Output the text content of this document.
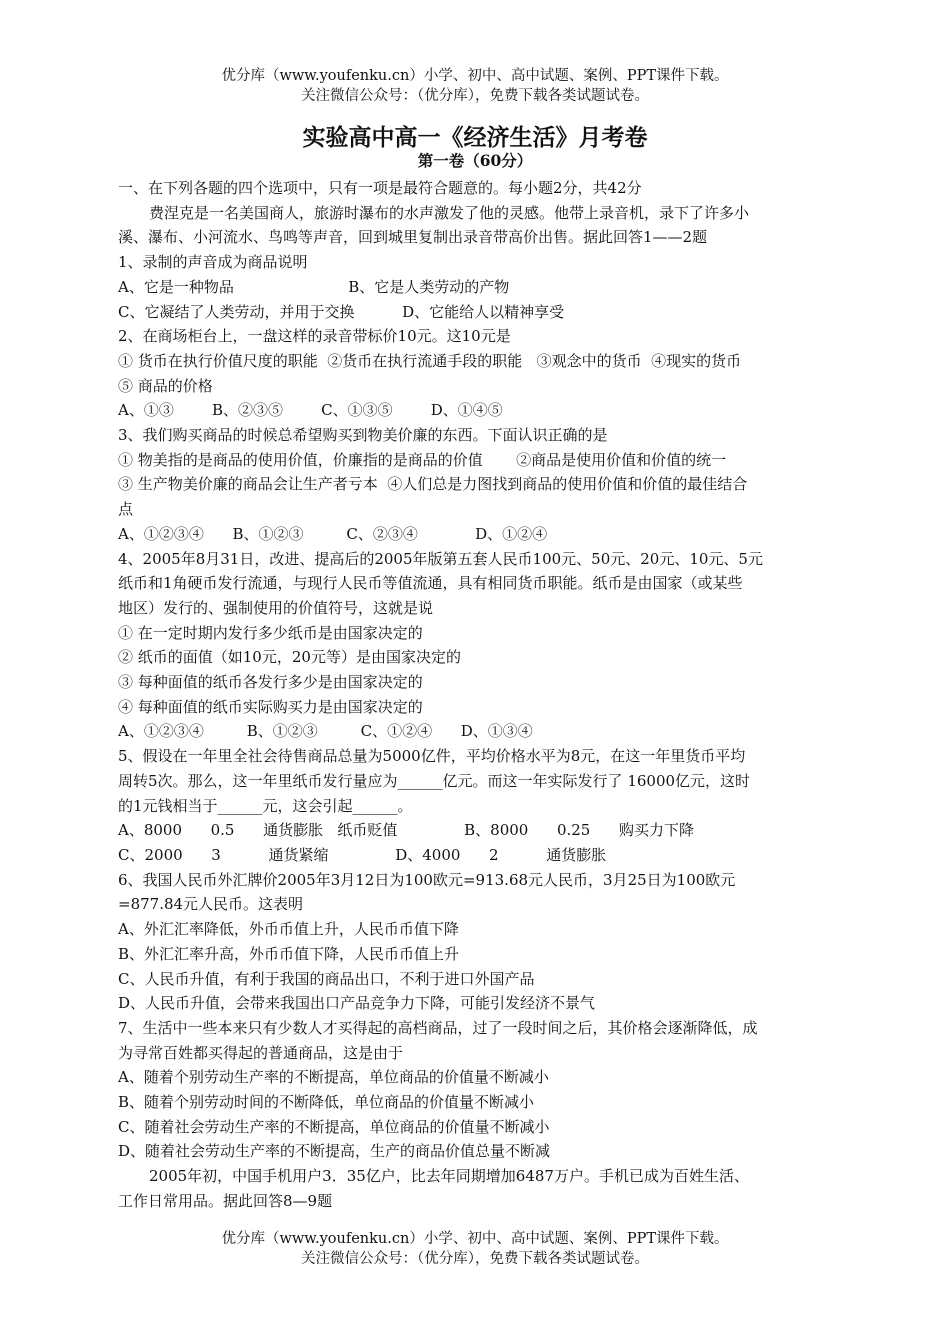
优分库（www.youfenku.cn）小学、初中、高中试题、案例、PPT课件下载。
关注微信公众号：（优分库），免费下载各类试题试卷。
实验高中高一《经济生活》月考卷
第一卷（60分）
一、在下列各题的四个选项中，只有一项是最符合题意的。每小题2分，共42分
费涅克是一名美国商人，旅游时瀑布的水声激发了他的灵感。他带上录音机，录下了许多小
溪、瀑布、小河流水、鸟鸣等声音，回到城里复制出录音带高价出售。据此回答1——2题
1、录制的声音成为商品说明
A、它是一种物品                        B、它是人类劳动的产物
C、它凝结了人类劳动，并用于交换          D、它能给人以精神享受
2、在商场柜台上，一盘这样的录音带标价10元。这10元是
① 货币在执行价值尺度的职能  ②货币在执行流通手段的职能   ③观念中的货币  ④现实的货币
⑤ 商品的价格
A、①③        B、②③⑤        C、①③⑤        D、①④⑤
3、我们购买商品的时候总希望购买到物美价廉的东西。下面认识正确的是
① 物美指的是商品的使用价值，价廉指的是商品的价值       ②商品是使用价值和价值的统一
③ 生产物美价廉的商品会让生产者亏本  ④人们总是力图找到商品的使用价值和价值的最佳结合
点
A、①②③④      B、①②③         C、②③④            D、①②④
4、2005年8月31日，改进、提高后的2005年版第五套人民币100元、50元、20元、10元、5元
纸币和1角硬币发行流通，与现行人民币等值流通，具有相同货币职能。纸币是由国家（或某些
地区）发行的、强制使用的价值符号，这就是说
① 在一定时期内发行多少纸币是由国家决定的
② 纸币的面值（如10元，20元等）是由国家决定的
③ 每种面值的纸币各发行多少是由国家决定的
④ 每种面值的纸币实际购买力是由国家决定的
A、①②③④         B、①②③         C、①②④      D、①③④
5、假设在一年里全社会待售商品总量为5000亿件，平均价格水平为8元，在这一年里货币平均
周转5次。那么，这一年里纸币发行量应为______亿元。而这一年实际发行了 16000亿元，这时
的1元钱相当于______元，这会引起______。
A、8000      0.5      通货膨胀   纸币贬值              B、8000      0.25      购买力下降
C、2000      3          通货紧缩              D、4000      2          通货膨胀
6、我国人民币外汇牌价2005年3月12日为100欧元=913.68元人民币，3月25日为100欧元
=877.84元人民币。这表明
A、外汇汇率降低，外币币值上升，人民币币值下降
B、外汇汇率升高，外币币值下降，人民币币值上升
C、人民币升值，有利于我国的商品出口，不利于进口外国产品
D、人民币升值，会带来我国出口产品竞争力下降，可能引发经济不景气
7、生活中一些本来只有少数人才买得起的高档商品，过了一段时间之后，其价格会逐渐降低，成
为寻常百姓都买得起的普通商品，这是由于
A、随着个别劳动生产率的不断提高，单位商品的价值量不断减小
B、随着个别劳动时间的不断降低，单位商品的价值量不断减小
C、随着社会劳动生产率的不断提高，单位商品的价值量不断减小
D、随着社会劳动生产率的不断提高，生产的商品价值总量不断减
2005年初，中国手机用户3．35亿户，比去年同期增加6487万户。手机已成为百姓生活、
工作日常用品。据此回答8—9题
优分库（www.youfenku.cn）小学、初中、高中试题、案例、PPT课件下载。
关注微信公众号：（优分库），免费下载各类试题试卷。
